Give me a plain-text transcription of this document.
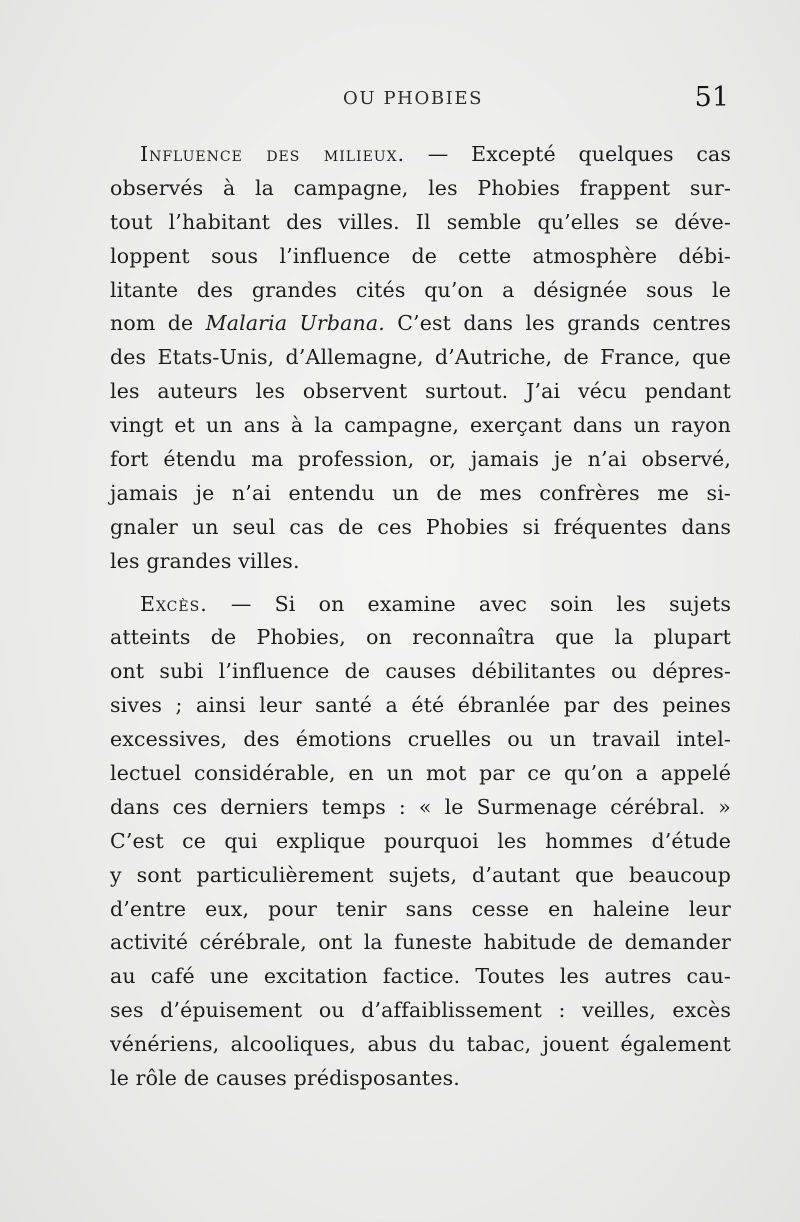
OU PHOBIES	51
Influence des milieux. — Excepté quelques cas
observés à la campagne, les Phobies frappent sur-
tout l’habitant des villes. Il semble qu’elles se déve-
loppent sous l’influence de cette atmosphère débi-
litante des grandes cités qu’on a désignée sous le
nom de Malaria Urbana. C’est dans les grands centres
des Etats-Unis, d’Allemagne, d’Autriche, de France, que
les auteurs les observent surtout. J’ai vécu pendant
vingt et un ans à la campagne, exerçant dans un rayon
fort étendu ma profession, or, jamais je n’ai observé,
jamais je n’ai entendu un de mes confrères me si-
gnaler un seul cas de ces Phobies si fréquentes dans
les grandes villes.
Excès. — Si on examine avec soin les sujets
atteints de Phobies, on reconnaîtra que la plupart
ont subi l’influence de causes débilitantes ou dépres-
sives ; ainsi leur santé a été ébranlée par des peines
excessives, des émotions cruelles ou un travail intel-
lectuel considérable, en un mot par ce qu’on a appelé
dans ces derniers temps : « le Surmenage cérébral. »
C’est ce qui explique pourquoi les hommes d’étude
y sont particulièrement sujets, d’autant que beaucoup
d’entre eux, pour tenir sans cesse en haleine leur
activité cérébrale, ont la funeste habitude de demander
au café une excitation factice. Toutes les autres cau-
ses d’épuisement ou d’affaiblissement : veilles, excès
vénériens, alcooliques, abus du tabac, jouent également
le rôle de causes prédisposantes.
